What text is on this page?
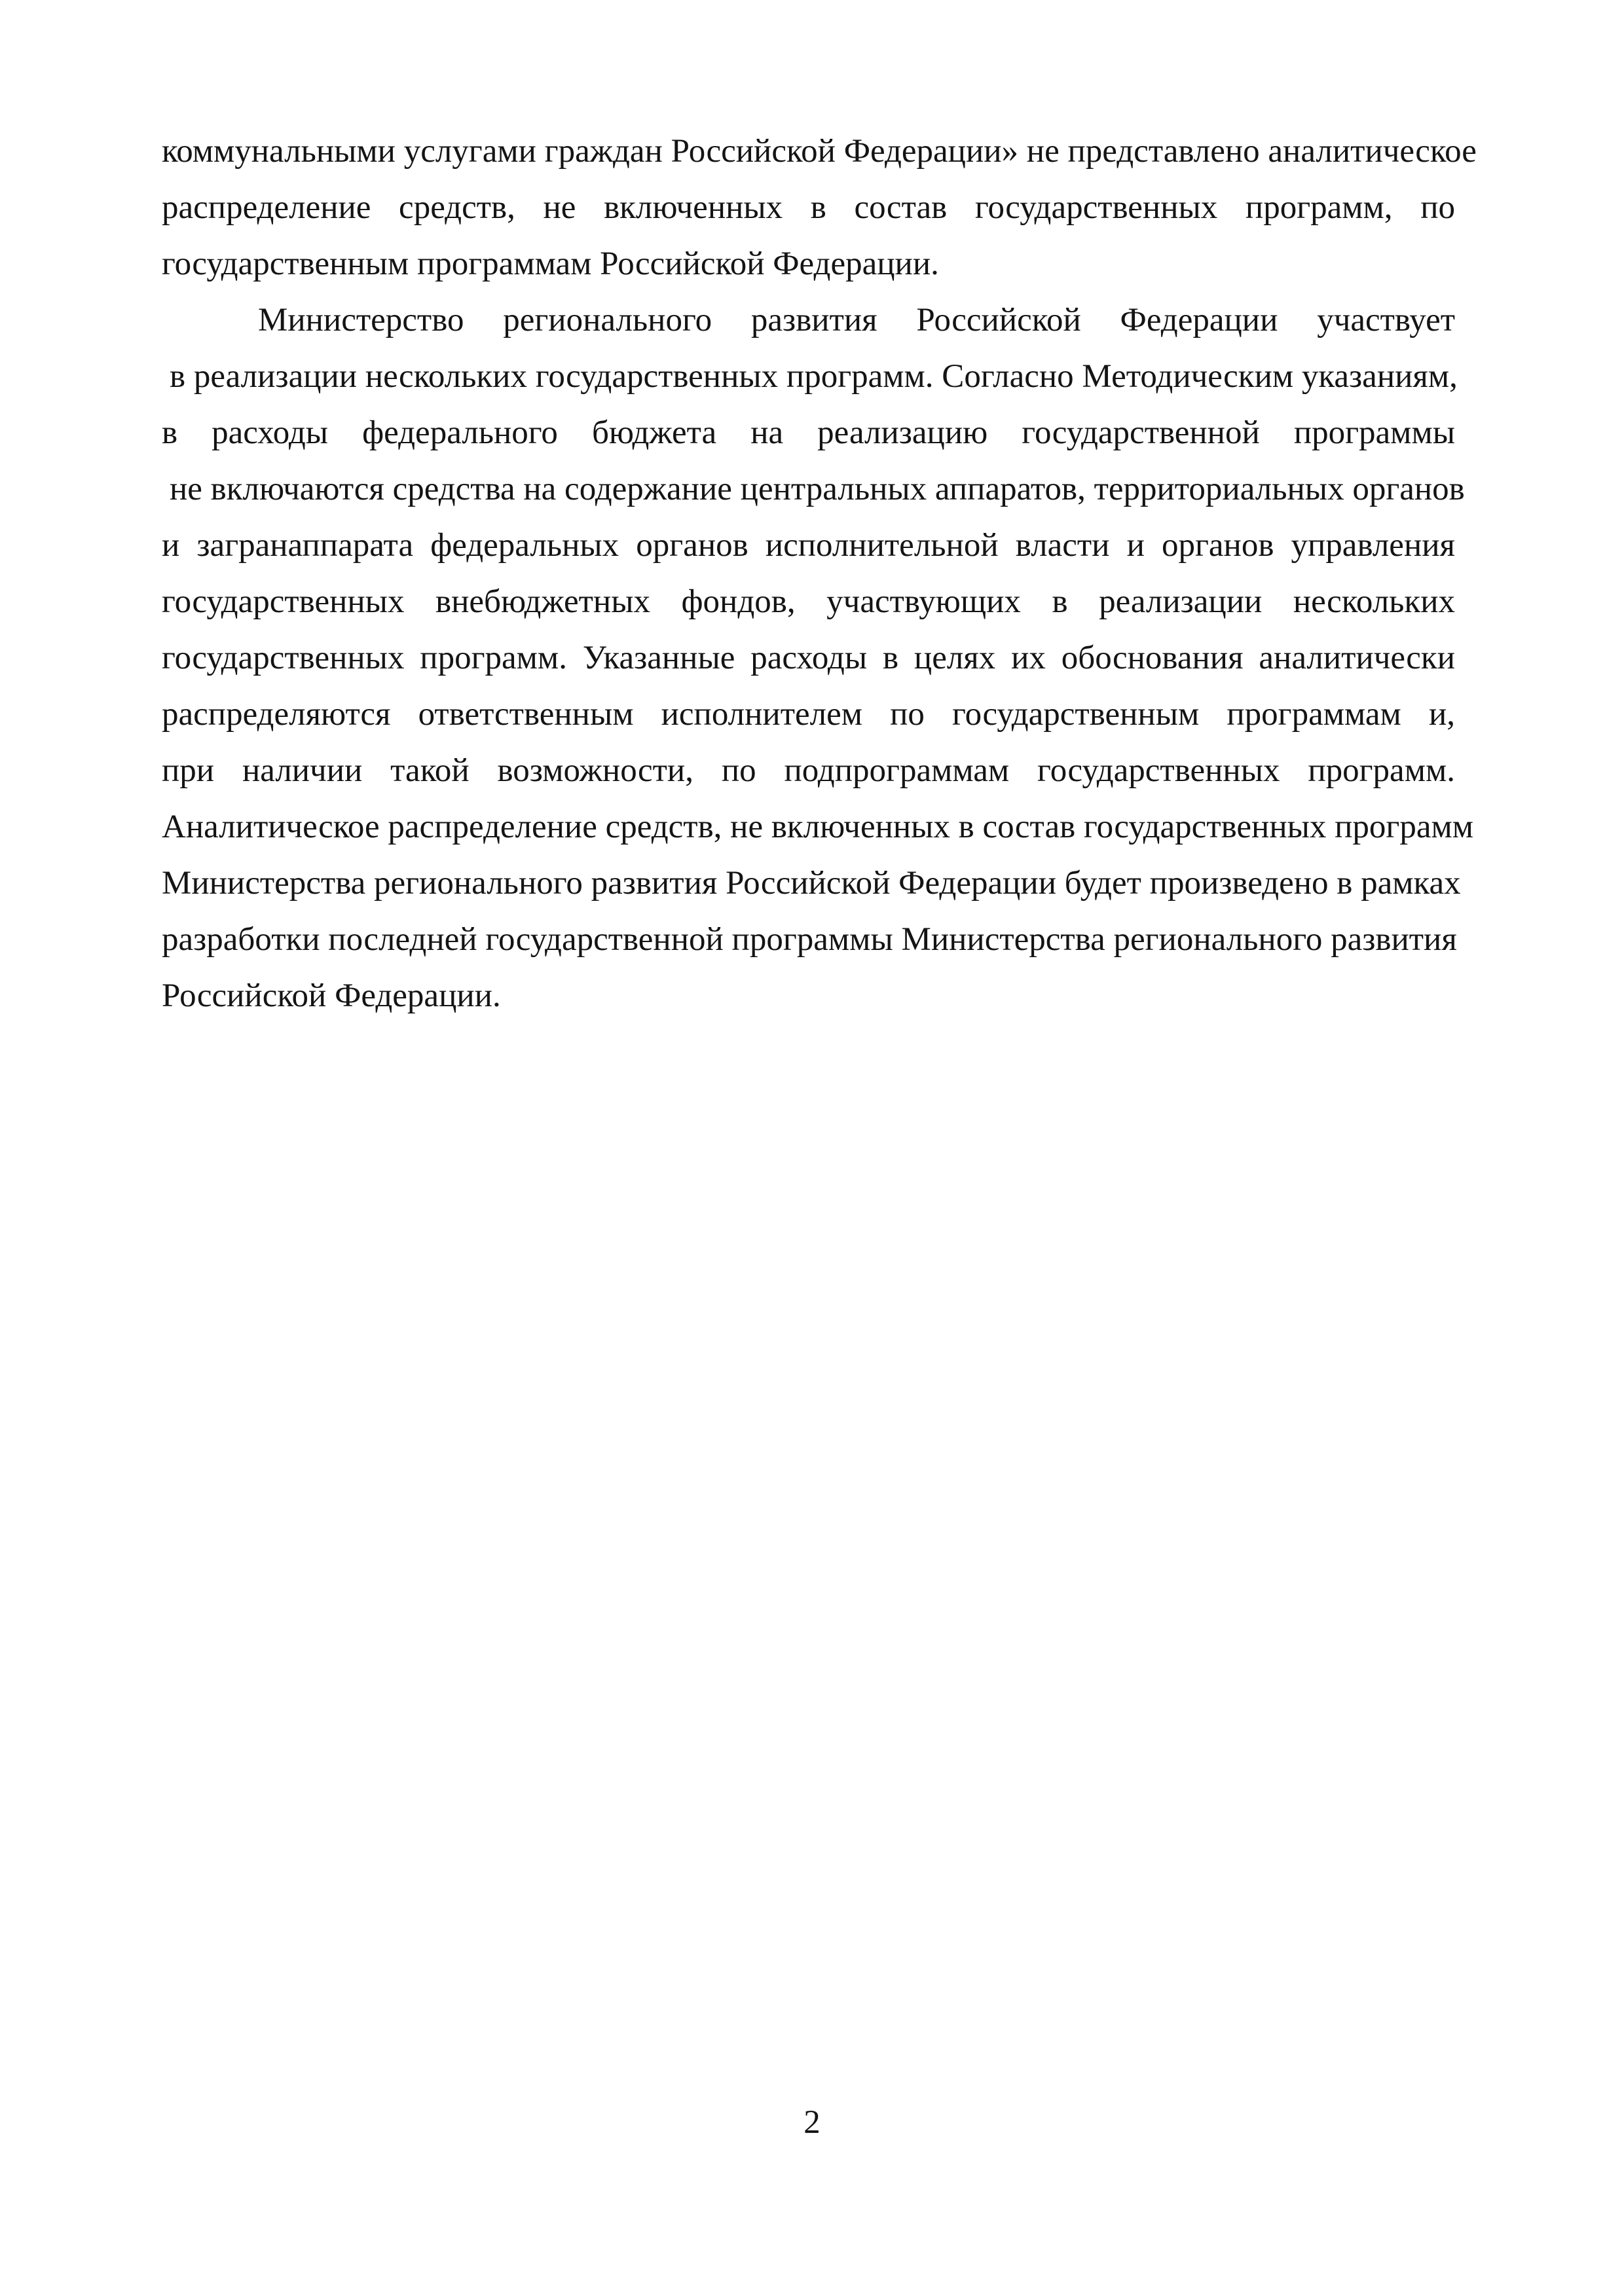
коммунальными услугами граждан Российской Федерации» не представлено аналитическое
распределение средств, не включенных в состав государственных программ, по
государственным программам Российской Федерации.
Министерство регионального развития Российской Федерации участвует
в реализации нескольких государственных программ. Согласно Методическим указаниям,
в расходы федерального бюджета на реализацию государственной программы
не включаются средства на содержание центральных аппаратов, территориальных органов
и загранаппарата федеральных органов исполнительной власти и органов управления
государственных внебюджетных фондов, участвующих в реализации нескольких
государственных программ. Указанные расходы в целях их обоснования аналитически
распределяются ответственным исполнителем по государственным программам и,
при наличии такой возможности, по подпрограммам государственных программ.
Аналитическое распределение средств, не включенных в состав государственных программ
Министерства регионального развития Российской Федерации будет произведено в рамках
разработки последней государственной программы Министерства регионального развития
Российской Федерации.
2
